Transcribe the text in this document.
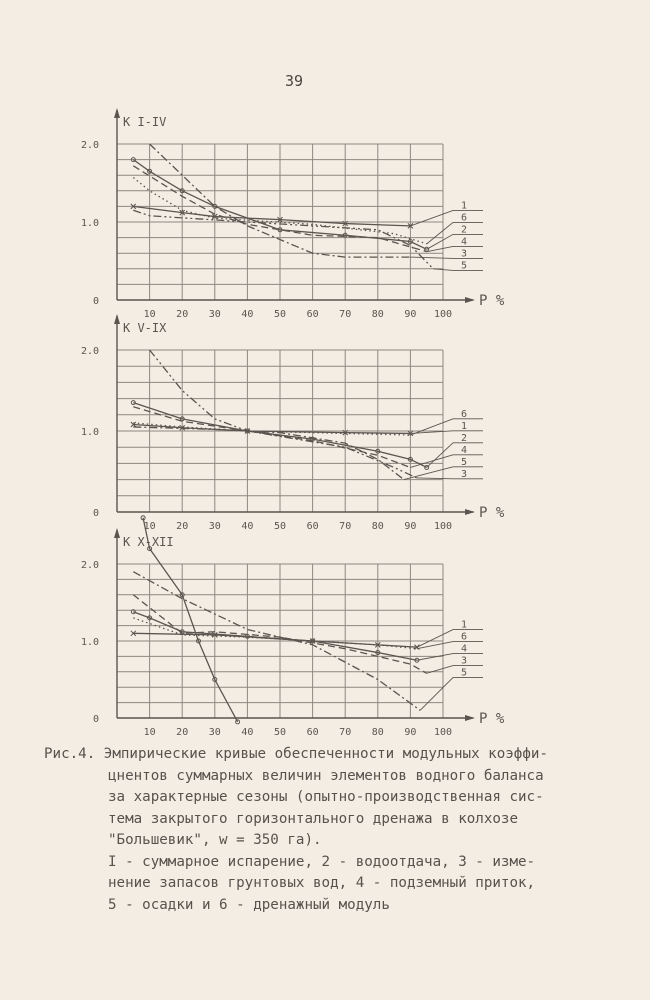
39
K I-IV
P %
10 20 30 40 50 60 70 80 90 100
0
1.0
2.0
1
6
2
4
3
5
K V-IX
P %
10 20 30 40 50 60 70 80 90 100
0
1.0
2.0
6
1
2
4
5
3
K X-XII
P %
10 20 30 40 50 60 70 80 90 100
0
1.0
2.0
1
6
4
3
5
Рис.4. Эмпирические кривые обеспеченности модульных коэффи-
цнентов суммарных величин элементов водного баланса
за характерные сезоны (опытно-производственная сис-
тема закрытого горизонтального дренажа в колхозе
"Большевик", w = 350 га).
I - суммарное испарение, 2 - водоотдача, 3 - изме-
нение запасов грунтовых вод, 4 - подземный приток,
5 - осадки и 6 - дренажный модуль
